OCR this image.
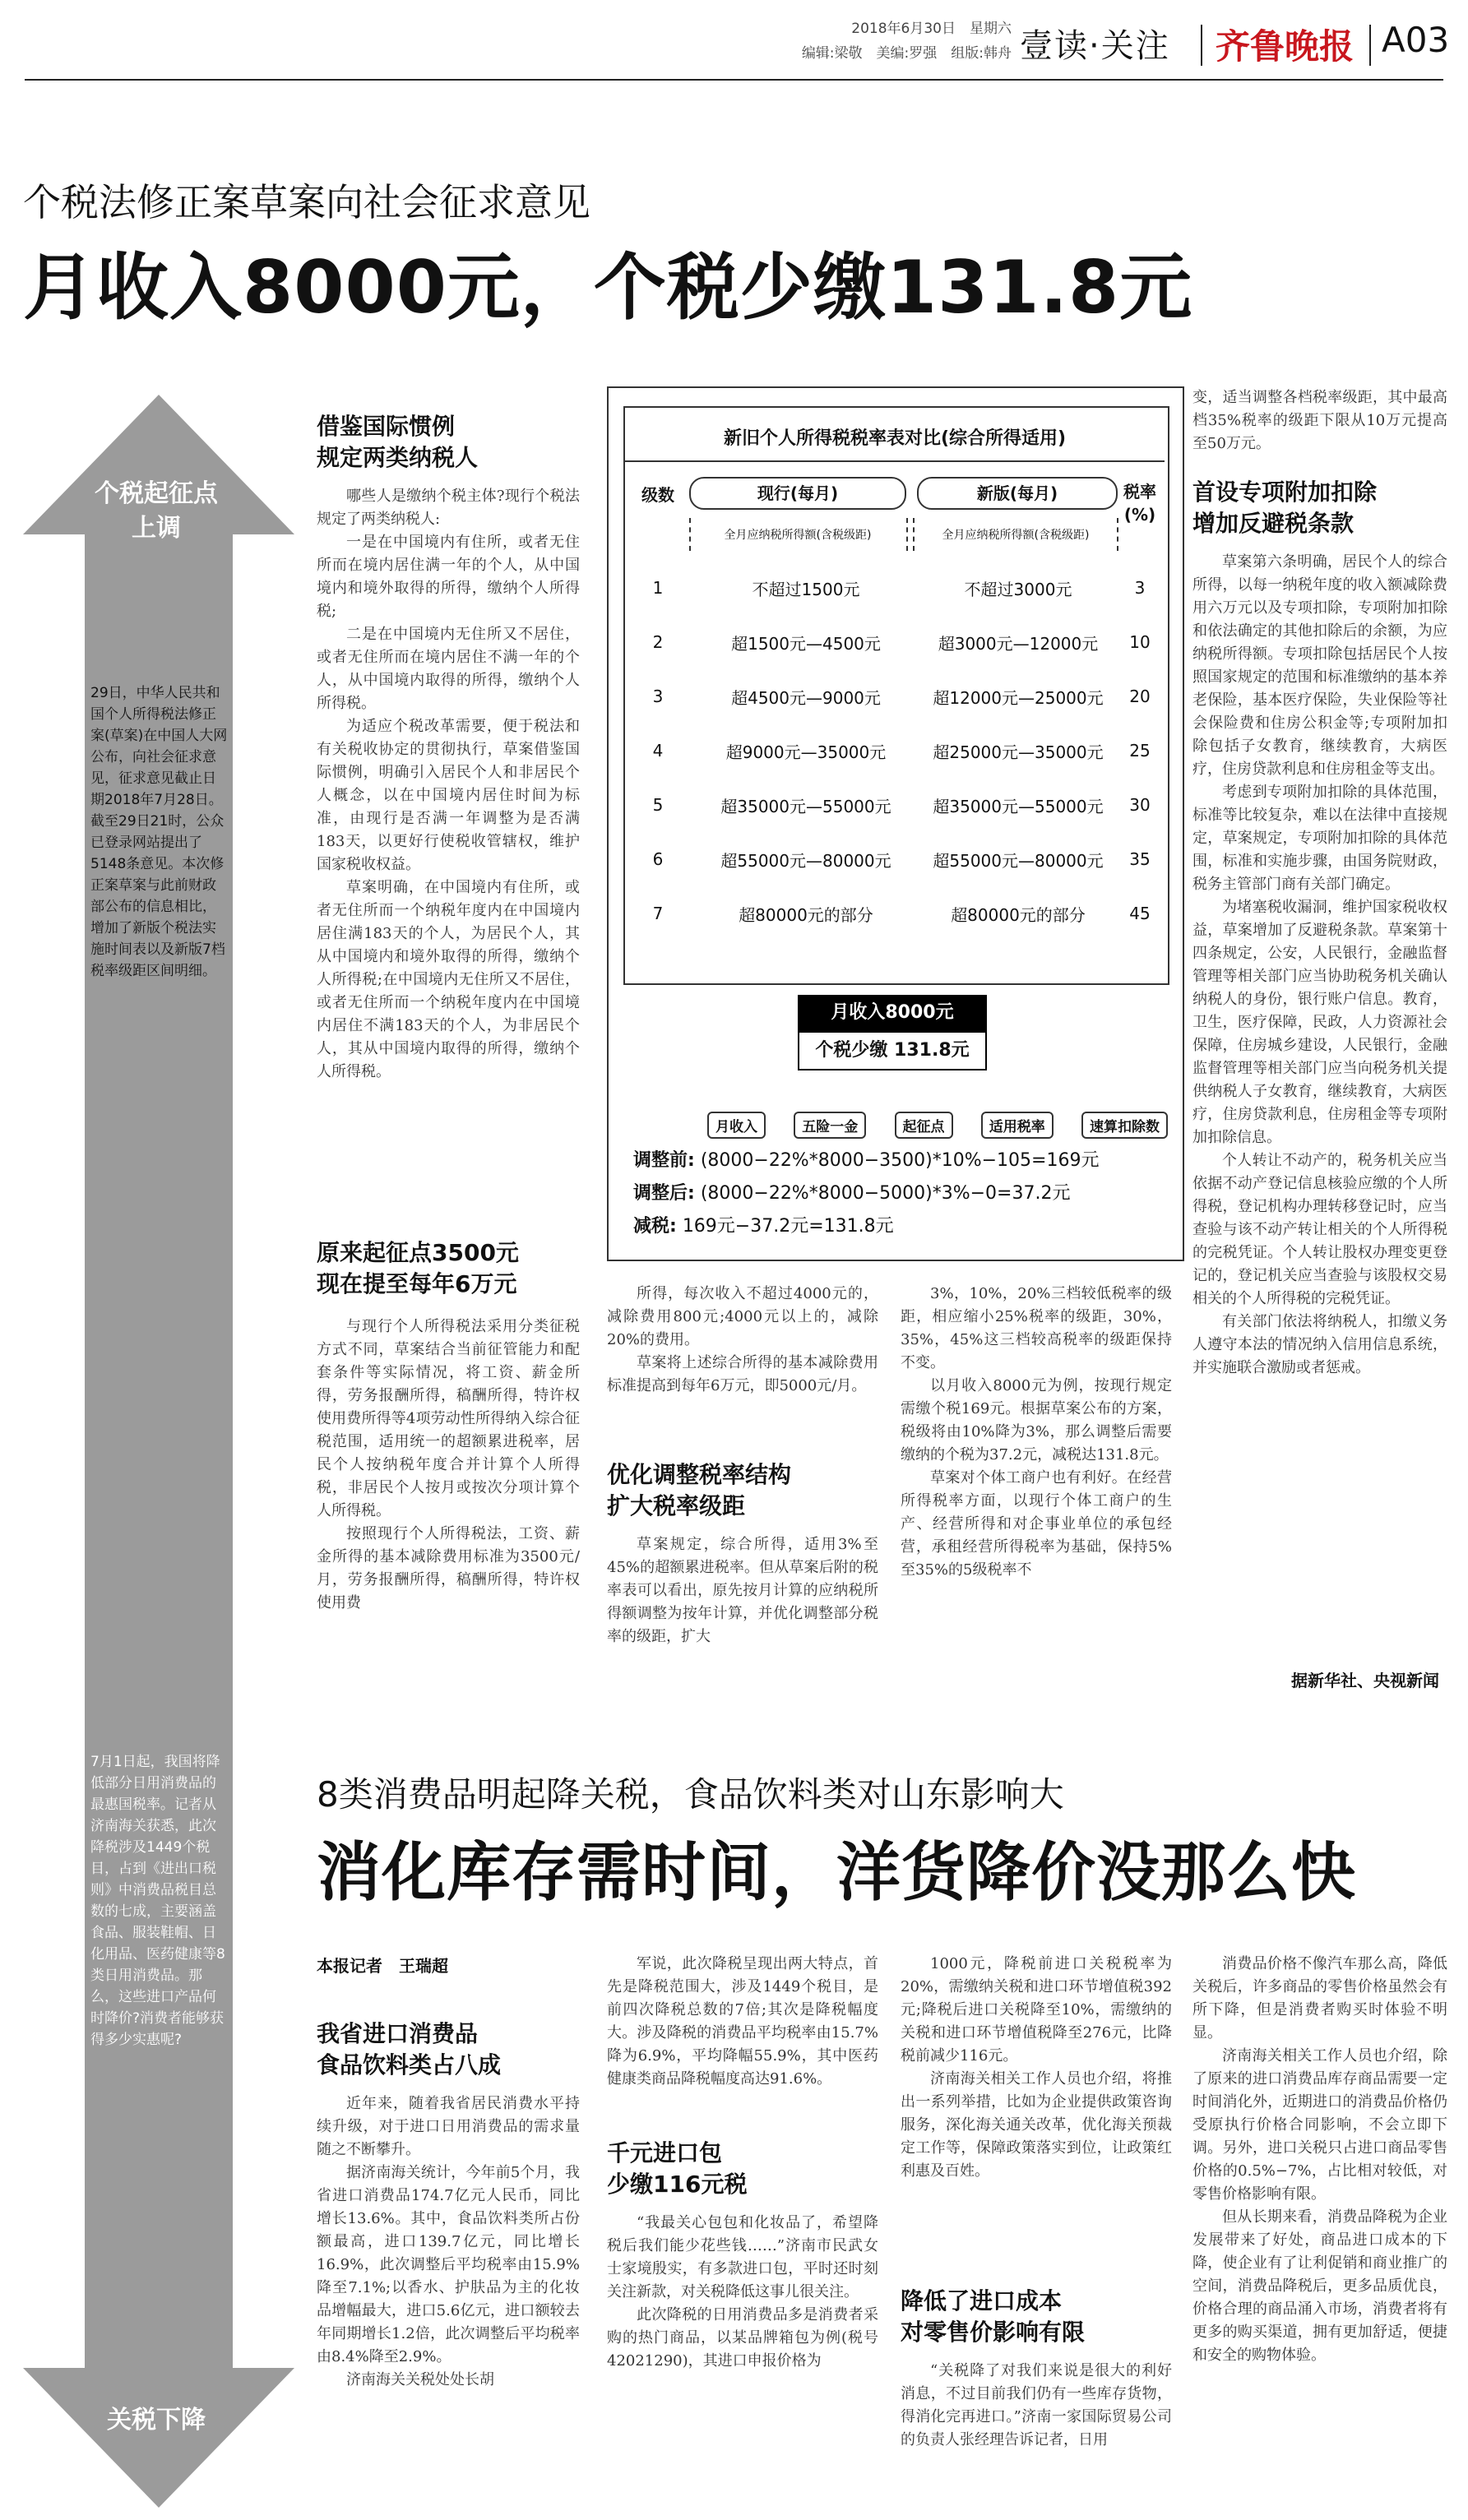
2018年6月30日　星期六
编辑:梁敬　美编:罗强　组版:韩舟 壹读·关注 齐鲁晚报 A03
个税法修正案草案向社会征求意见
月收入8000元，个税少缴131.8元
个税起征点
上调
29日，中华人民共和国个人所得税法修正案(草案)在中国人大网公布，向社会征求意见，征求意见截止日期2018年7月28日。截至29日21时，公众已登录网站提出了5148条意见。本次修正案草案与此前财政部公布的信息相比，增加了新版个税法实施时间表以及新版7档税率级距区间明细。
借鉴国际惯例
规定两类纳税人

哪些人是缴纳个税主体?现行个税法规定了两类纳税人:

一是在中国境内有住所，或者无住所而在境内居住满一年的个人，从中国境内和境外取得的所得，缴纳个人所得税;

二是在中国境内无住所又不居住，或者无住所而在境内居住不满一年的个人，从中国境内取得的所得，缴纳个人所得税。

为适应个税改革需要，便于税法和有关税收协定的贯彻执行，草案借鉴国际惯例，明确引入居民个人和非居民个人概念，以在中国境内居住时间为标准，由现行是否满一年调整为是否满183天，以更好行使税收管辖权，维护国家税收权益。

草案明确，在中国境内有住所，或者无住所而一个纳税年度内在中国境内居住满183天的个人，为居民个人，其从中国境内和境外取得的所得，缴纳个人所得税;在中国境内无住所又不居住，或者无住所而一个纳税年度内在中国境内居住不满183天的个人，为非居民个人，其从中国境内取得的所得，缴纳个人所得税。

原来起征点3500元
现在提至每年6万元

与现行个人所得税法采用分类征税方式不同，草案结合当前征管能力和配套条件等实际情况，将工资、薪金所得，劳务报酬所得，稿酬所得，特许权使用费所得等4项劳动性所得纳入综合征税范围，适用统一的超额累进税率，居民个人按纳税年度合并计算个人所得税，非居民个人按月或按次分项计算个人所得税。

按照现行个人所得税法，工资、薪金所得的基本减除费用标准为3500元/月，劳务报酬所得，稿酬所得，特许权使用费

新旧个人所得税税率表对比(综合所得适用)
级数	现行(每月)	新版(每月)	税率
(%)
全月应纳税所得额(含税级距)	全月应纳税所得额(含税级距)
1	不超过1500元	不超过3000元	3
2	超1500元—4500元	超3000元—12000元	10
3	超4500元—9000元	超12000元—25000元	20
4	超9000元—35000元	超25000元—35000元	25
5	超35000元—55000元	超35000元—55000元	30
6	超55000元—80000元	超55000元—80000元	35
7	超80000元的部分	超80000元的部分	45
月收入8000元
个税少缴 131.8元
月收入	五险一金	起征点	适用税率	速算扣除数
调整前: (8000−22%*8000−3500)*10%−105=169元
调整后: (8000−22%*8000−5000)*3%−0=37.2元
减税: 169元−37.2元=131.8元

所得，每次收入不超过4000元的，减除费用800元;4000元以上的，减除20%的费用。

草案将上述综合所得的基本减除费用标准提高到每年6万元，即5000元/月。

优化调整税率结构
扩大税率级距

草案规定，综合所得，适用3%至45%的超额累进税率。但从草案后附的税率表可以看出，原先按月计算的应纳税所得额调整为按年计算，并优化调整部分税率的级距，扩大

3%，10%，20%三档较低税率的级距，相应缩小25%税率的级距，30%，35%，45%这三档较高税率的级距保持不变。

以月收入8000元为例，按现行规定需缴个税169元。根据草案公布的方案，税级将由10%降为3%，那么调整后需要缴纳的个税为37.2元，减税达131.8元。

草案对个体工商户也有利好。在经营所得税率方面，以现行个体工商户的生产、经营所得和对企事业单位的承包经营，承租经营所得税率为基础，保持5%至35%的5级税率不

变，适当调整各档税率级距，其中最高档35%税率的级距下限从10万元提高至50万元。
首设专项附加扣除
增加反避税条款

草案第六条明确，居民个人的综合所得，以每一纳税年度的收入额减除费用六万元以及专项扣除，专项附加扣除和依法确定的其他扣除后的余额，为应纳税所得额。专项扣除包括居民个人按照国家规定的范围和标准缴纳的基本养老保险，基本医疗保险，失业保险等社会保险费和住房公积金等;专项附加扣除包括子女教育，继续教育，大病医疗，住房贷款利息和住房租金等支出。

考虑到专项附加扣除的具体范围，标准等比较复杂，难以在法律中直接规定，草案规定，专项附加扣除的具体范围，标准和实施步骤，由国务院财政，税务主管部门商有关部门确定。

为堵塞税收漏洞，维护国家税收权益，草案增加了反避税条款。草案第十四条规定，公安，人民银行，金融监督管理等相关部门应当协助税务机关确认纳税人的身份，银行账户信息。教育，卫生，医疗保障，民政，人力资源社会保障，住房城乡建设，人民银行，金融监督管理等相关部门应当向税务机关提供纳税人子女教育，继续教育，大病医疗，住房贷款利息，住房租金等专项附加扣除信息。

个人转让不动产的，税务机关应当依据不动产登记信息核验应缴的个人所得税，登记机构办理转移登记时，应当查验与该不动产转让相关的个人所得税的完税凭证。个人转让股权办理变更登记的，登记机关应当查验与该股权交易相关的个人所得税的完税凭证。

有关部门依法将纳税人，扣缴义务人遵守本法的情况纳入信用信息系统，并实施联合激励或者惩戒。

据新华社、央视新闻
7月1日起，我国将降低部分日用消费品的最惠国税率。记者从济南海关获悉，此次降税涉及1449个税目，占到《进出口税则》中消费品税目总数的七成，主要涵盖食品、服装鞋帽、日化用品、医药健康等8类日用消费品。那么，这些进口产品何时降价?消费者能够获得多少实惠呢?
关税下降
8类消费品明起降关税，食品饮料类对山东影响大
消化库存需时间，洋货降价没那么快
本报记者　王瑞超
我省进口消费品
食品饮料类占八成

近年来，随着我省居民消费水平持续升级，对于进口日用消费品的需求量随之不断攀升。

据济南海关统计，今年前5个月，我省进口消费品174.7亿元人民币，同比增长13.6%。其中，食品饮料类所占份额最高，进口139.7亿元，同比增长16.9%，此次调整后平均税率由15.9%降至7.1%;以香水、护肤品为主的化妆品增幅最大，进口5.6亿元，进口额较去年同期增长1.2倍，此次调整后平均税率由8.4%降至2.9%。

济南海关关税处处长胡

军说，此次降税呈现出两大特点，首先是降税范围大，涉及1449个税目，是前四次降税总数的7倍;其次是降税幅度大。涉及降税的消费品平均税率由15.7%降为6.9%，平均降幅55.9%，其中医药健康类商品降税幅度高达91.6%。

千元进口包
少缴116元税

“我最关心包包和化妆品了，希望降税后我们能少花些钱……”济南市民武女士家境殷实，有多款进口包，平时还时刻关注新款，对关税降低这事儿很关注。

此次降税的日用消费品多是消费者采购的热门商品，以某品牌箱包为例(税号42021290)，其进口申报价格为

1000元，降税前进口关税税率为20%，需缴纳关税和进口环节增值税392元;降税后进口关税降至10%，需缴纳的关税和进口环节增值税降至276元，比降税前减少116元。

济南海关相关工作人员也介绍，将推出一系列举措，比如为企业提供政策咨询服务，深化海关通关改革，优化海关预裁定工作等，保障政策落实到位，让政策红利惠及百姓。

降低了进口成本
对零售价影响有限

“关税降了对我们来说是很大的利好消息，不过目前我们仍有一些库存货物，得消化完再进口。”济南一家国际贸易公司的负责人张经理告诉记者，日用

消费品价格不像汽车那么高，降低关税后，许多商品的零售价格虽然会有所下降，但是消费者购买时体验不明显。

济南海关相关工作人员也介绍，除了原来的进口消费品库存商品需要一定时间消化外，近期进口的消费品价格仍受原执行价格合同影响，不会立即下调。另外，进口关税只占进口商品零售价格的0.5%−7%，占比相对较低，对零售价格影响有限。

但从长期来看，消费品降税为企业发展带来了好处，商品进口成本的下降，使企业有了让利促销和商业推广的空间，消费品降税后，更多品质优良，价格合理的商品涌入市场，消费者将有更多的购买渠道，拥有更加舒适，便捷和安全的购物体验。
